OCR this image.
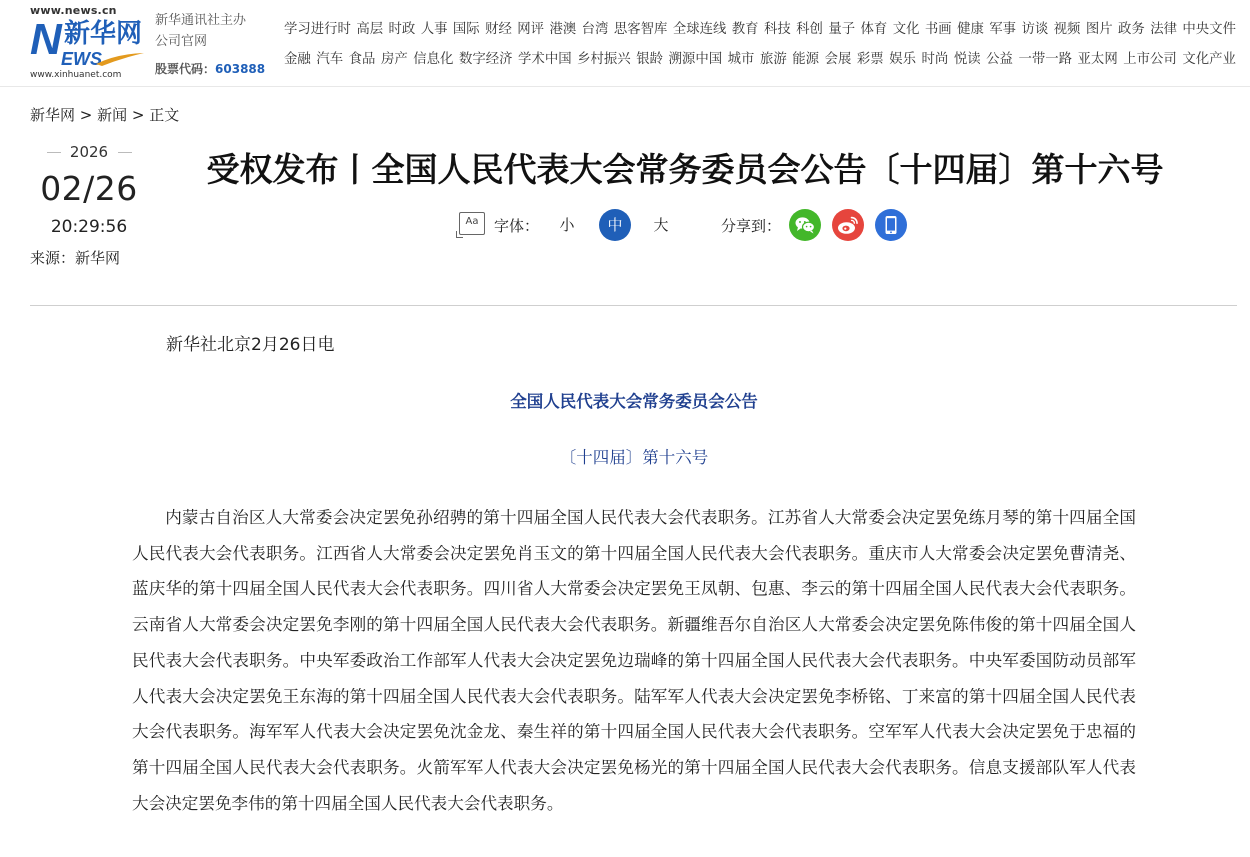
www.news.cn
N 新华网
EWS
www.xinhuanet.com
新华通讯社主办
公司官网
股票代码：603888
学习进行时 高层 时政 人事 国际 财经 网评 港澳 台湾 思客智库 全球连线 教育 科技 科创 量子 体育 文化 书画 健康 军事 访谈 视频 图片 政务 法律 中央文件
金融 汽车 食品 房产 信息化 数字经济 学术中国 乡村振兴 银龄 溯源中国 城市 旅游 能源 会展 彩票 娱乐 时尚 悦读 公益 一带一路 亚太网 上市公司 文化产业
新华网 > 新闻 > 正文
2026
02/26
20:29:56
来源：新华网
受权发布丨全国人民代表大会常务委员会公告〔十四届〕第十六号
Aa	字体：	小	中	大	分享到：

新华社北京2月26日电

全国人民代表大会常务委员会公告

〔十四届〕第十六号

内蒙古自治区人大常委会决定罢免孙绍骋的第十四届全国人民代表大会代表职务。江苏省人大常委会决定罢免练月琴的第十四届全国人民代表大会代表职务。江西省人大常委会决定罢免肖玉文的第十四届全国人民代表大会代表职务。重庆市人大常委会决定罢免曹清尧、蓝庆华的第十四届全国人民代表大会代表职务。四川省人大常委会决定罢免王凤朝、包惠、李云的第十四届全国人民代表大会代表职务。云南省人大常委会决定罢免李刚的第十四届全国人民代表大会代表职务。新疆维吾尔自治区人大常委会决定罢免陈伟俊的第十四届全国人民代表大会代表职务。中央军委政治工作部军人代表大会决定罢免边瑞峰的第十四届全国人民代表大会代表职务。中央军委国防动员部军人代表大会决定罢免王东海的第十四届全国人民代表大会代表职务。陆军军人代表大会决定罢免李桥铭、丁来富的第十四届全国人民代表大会代表职务。海军军人代表大会决定罢免沈金龙、秦生祥的第十四届全国人民代表大会代表职务。空军军人代表大会决定罢免于忠福的第十四届全国人民代表大会代表职务。火箭军军人代表大会决定罢免杨光的第十四届全国人民代表大会代表职务。信息支援部队军人代表大会决定罢免李伟的第十四届全国人民代表大会代表职务。
